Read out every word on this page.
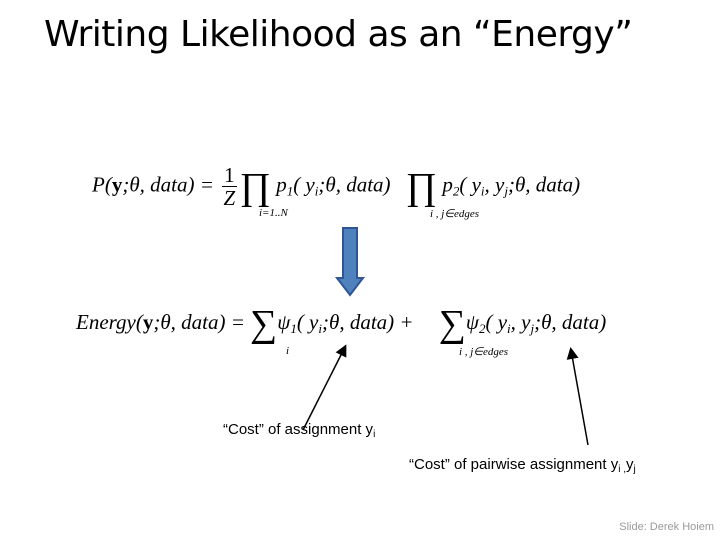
Writing Likelihood as an “Energy”
P(y;θ, data) = $\frac{1}{Z}$ ∏ $p_1$( $y_i;\theta$, data) ∏ $p_2$( $y_i$, $y_j;\theta$, data)
i=1..N	i , j∈edges
Energy(y;θ, data) = $\sum\psi_1$( $y_i;\theta$, data) + $\sum\psi_2$( $y_i$, $y_j;\theta$, data)
i	i , j∈edges
“Cost” of assignment $y_i$
“Cost” of pairwise assignment $y_i$ $_,y_j$
Slide: Derek Hoiem
